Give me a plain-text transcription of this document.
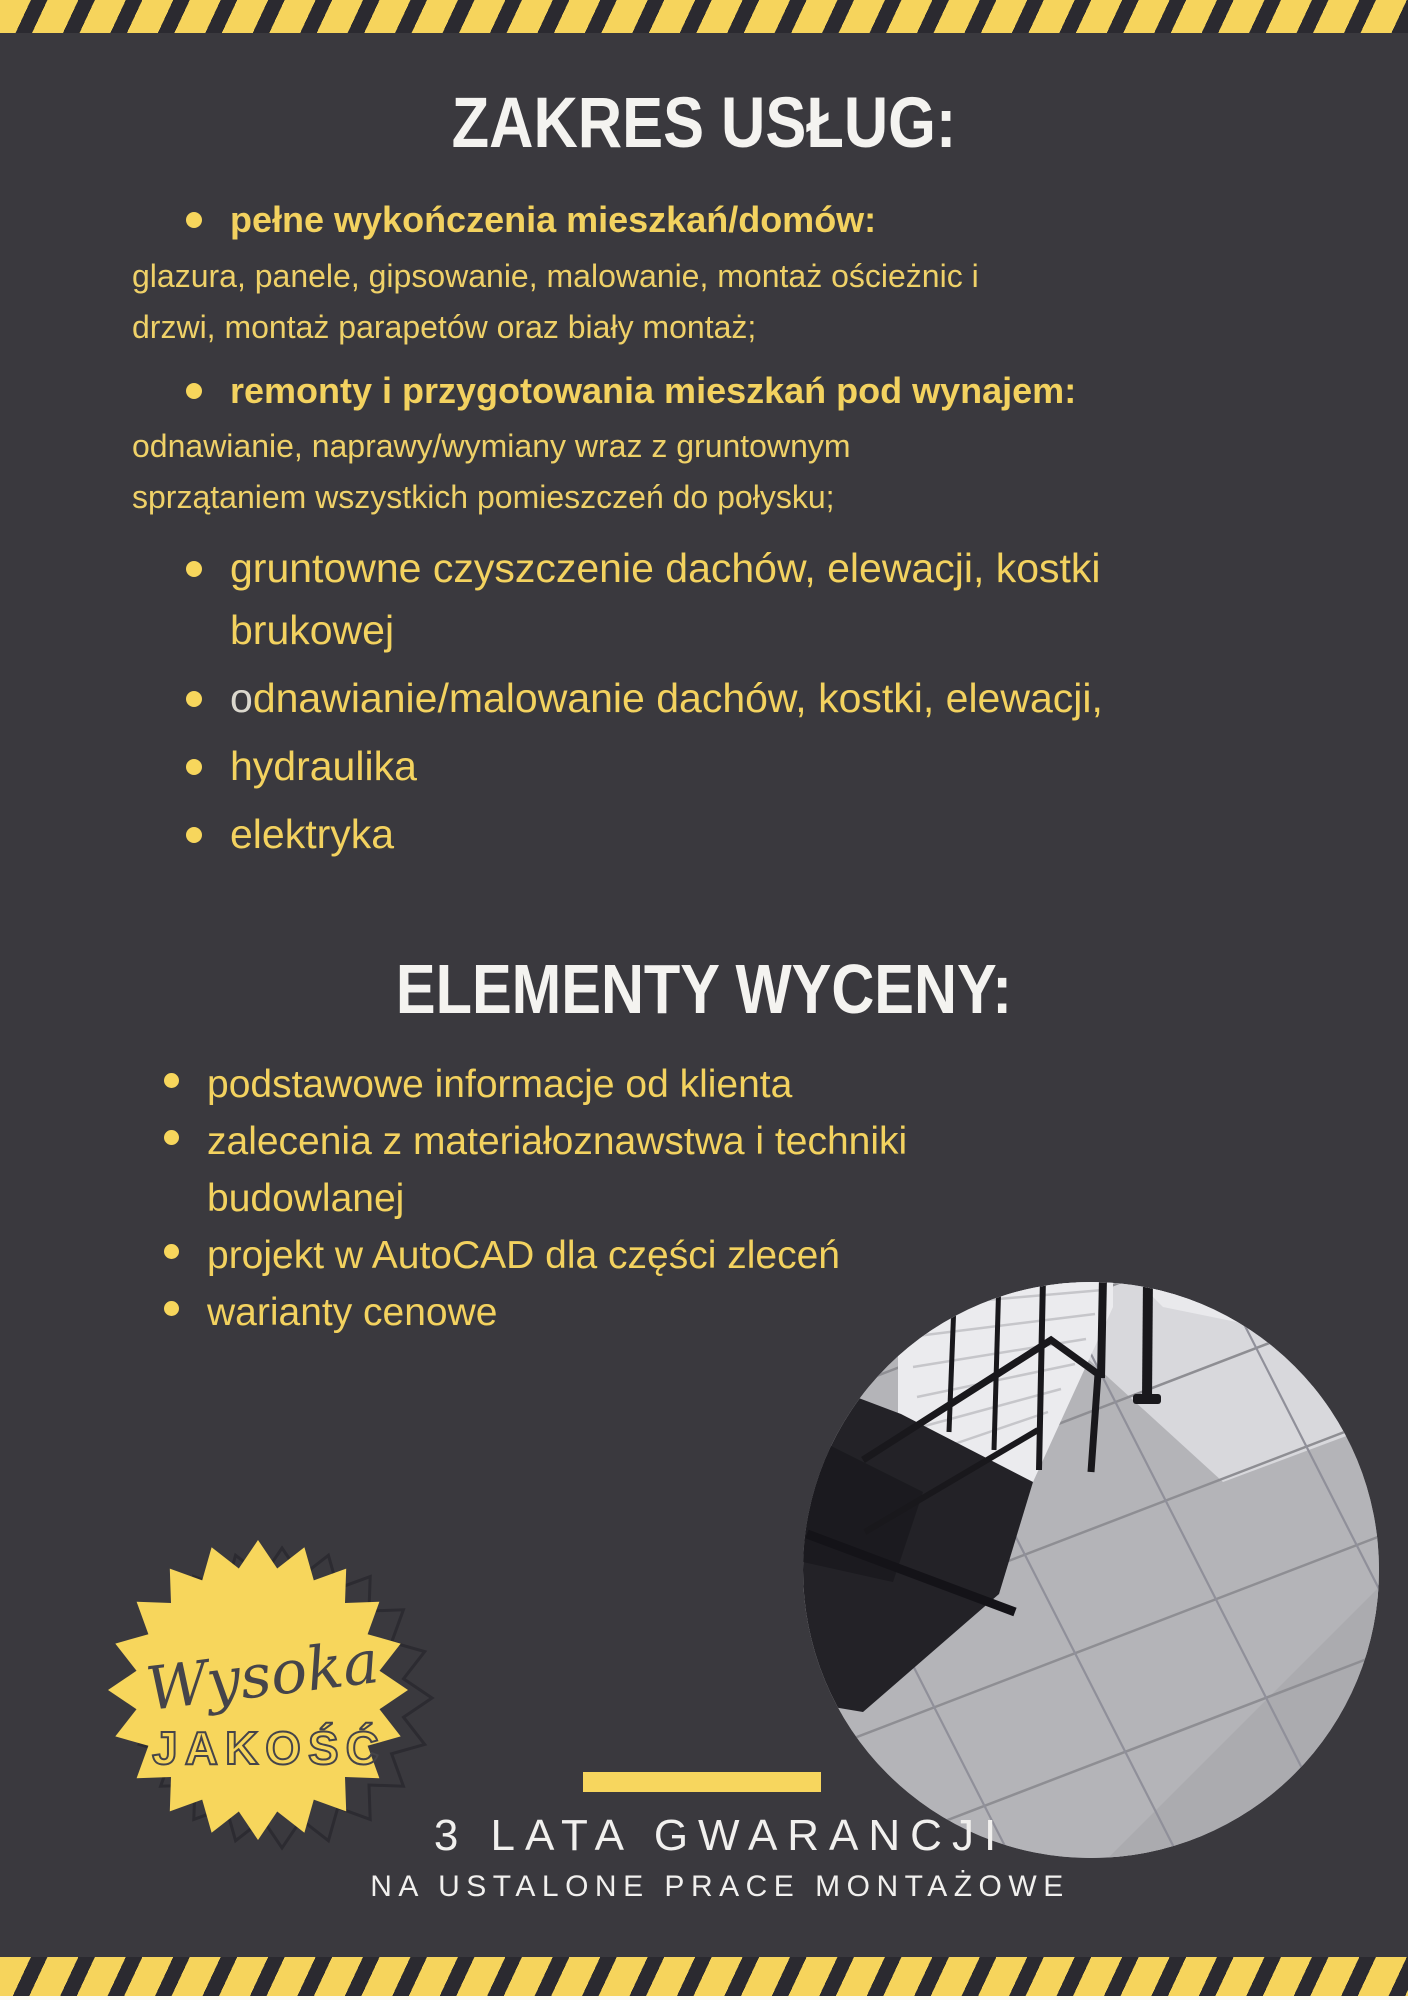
ZAKRES USŁUG:
pełne wykończenia mieszkań/domów:
glazura, panele, gipsowanie, malowanie, montaż ościeżnic i
drzwi, montaż parapetów oraz biały montaż;
remonty i przygotowania mieszkań pod wynajem:
odnawianie, naprawy/wymiany wraz z gruntownym
sprzątaniem wszystkich pomieszczeń do połysku;
gruntowne czyszczenie dachów, elewacji, kostki brukowej
odnawianie/malowanie dachów, kostki, elewacji,
hydraulika
elektryka
ELEMENTY WYCENY:
podstawowe informacje od klienta
zalecenia z materiałoznawstwa i techniki budowlanej
projekt w AutoCAD dla części zleceń
warianty cenowe
Wysoka
JAKOŚĆ

3 LATA GWARANCJI

NA USTALONE PRACE MONTAŻOWE
